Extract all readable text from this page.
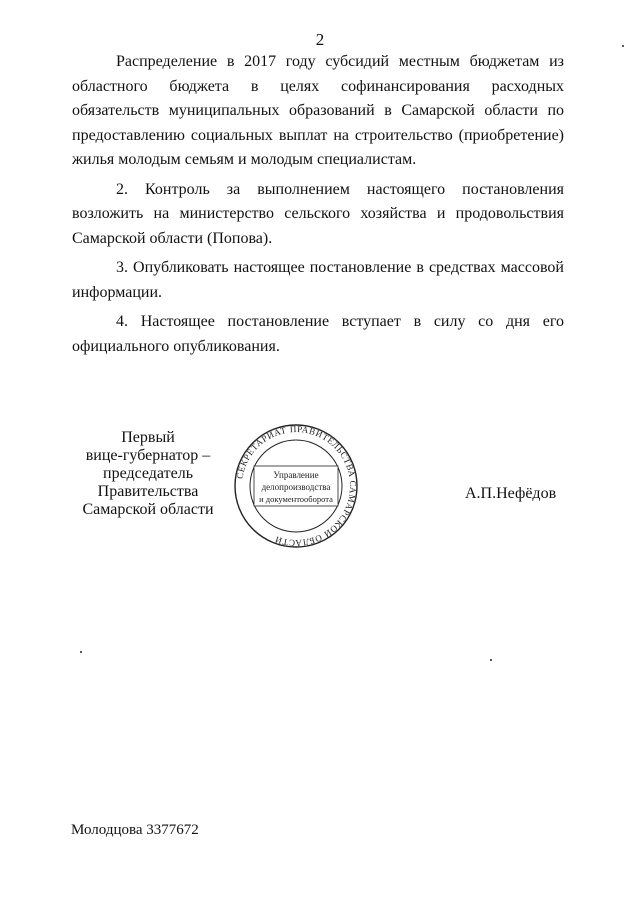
2

Распределение в 2017 году субсидий местным бюджетам из областного бюджета в целях софинансирования расходных обязательств муниципальных образований в Самарской области по предоставлению социальных выплат на строительство (приобретение) жилья молодым семьям и молодым специалистам.

2. Контроль за выполнением настоящего постановления возложить на министерство сельского хозяйства и продовольствия Самарской области (Попова).

3. Опубликовать настоящее постановление в средствах массовой информации.

4. Настоящее постановление вступает в силу со дня его официального опубликования.

Первый
вице-губернатор –
председатель Правительства
Самарской области
СЕКРЕТАРИАТ ПРАВИТЕЛЬСТВА САМАРСКОЙ ОБЛАСТИ
Управление
делопроизводства
и документооборота	А.П.Нефёдов
Молодцова 3377672
